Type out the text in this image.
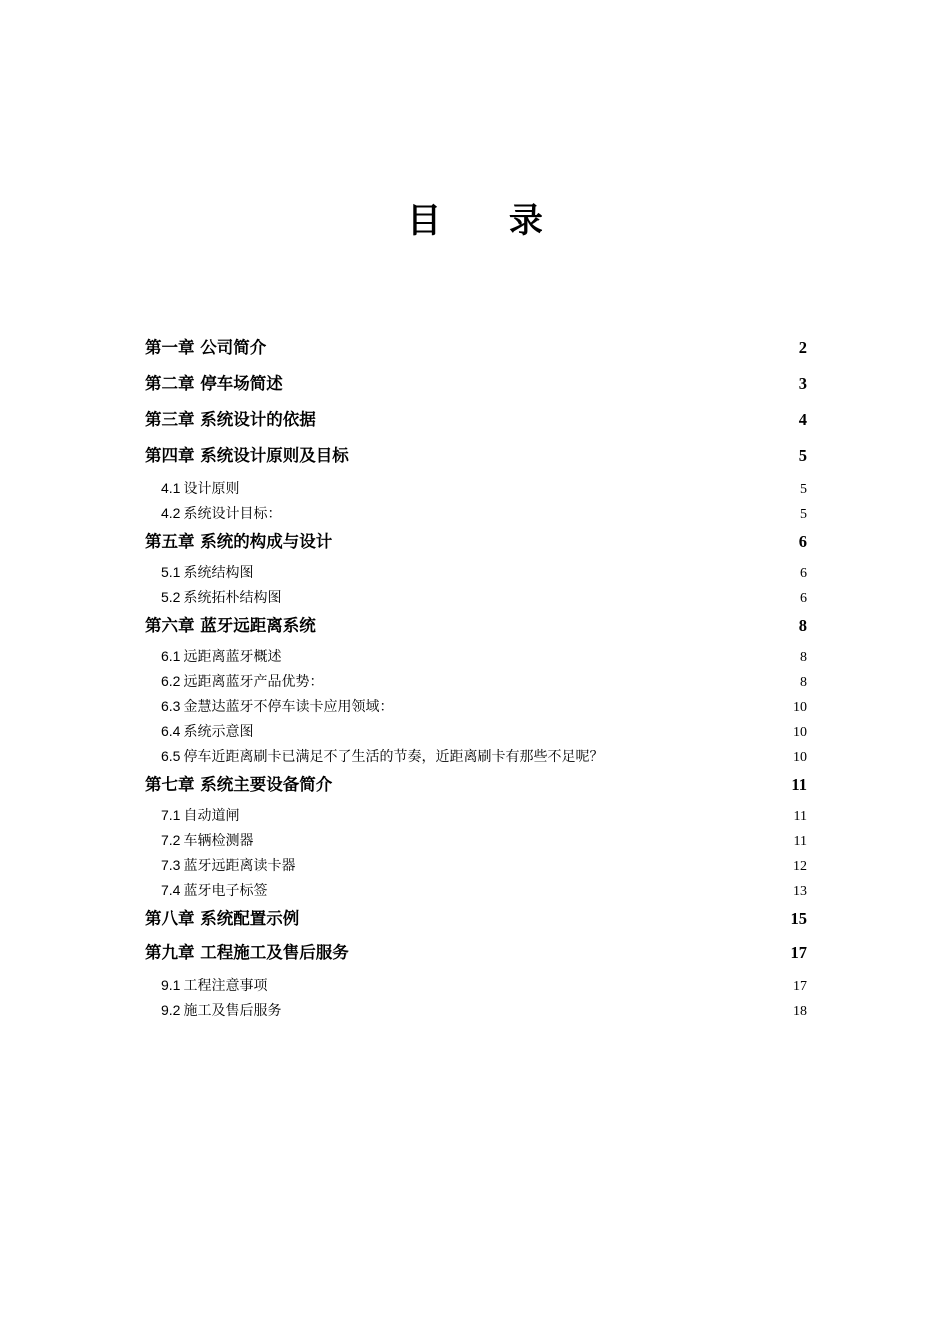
目 录
第一章 公司简介	2
第二章 停车场简述	3
第三章 系统设计的依据	4
第四章 系统设计原则及目标	5
4.1 设计原则	5
4.2 系统设计目标：	5
第五章 系统的构成与设计	6
5.1 系统结构图	6
5.2 系统拓朴结构图	6
第六章 蓝牙远距离系统	8
6.1 远距离蓝牙概述	8
6.2 远距离蓝牙产品优势：	8
6.3 金慧达蓝牙不停车读卡应用领域：	10
6.4 系统示意图	10
6.5 停车近距离刷卡已满足不了生活的节奏，近距离刷卡有那些不足呢？	10
第七章 系统主要设备简介	11
7.1 自动道闸	11
7.2 车辆检测器	11
7.3 蓝牙远距离读卡器	12
7.4 蓝牙电子标签	13
第八章 系统配置示例	15
第九章 工程施工及售后服务	17
9.1 工程注意事项	17
9.2 施工及售后服务	18
